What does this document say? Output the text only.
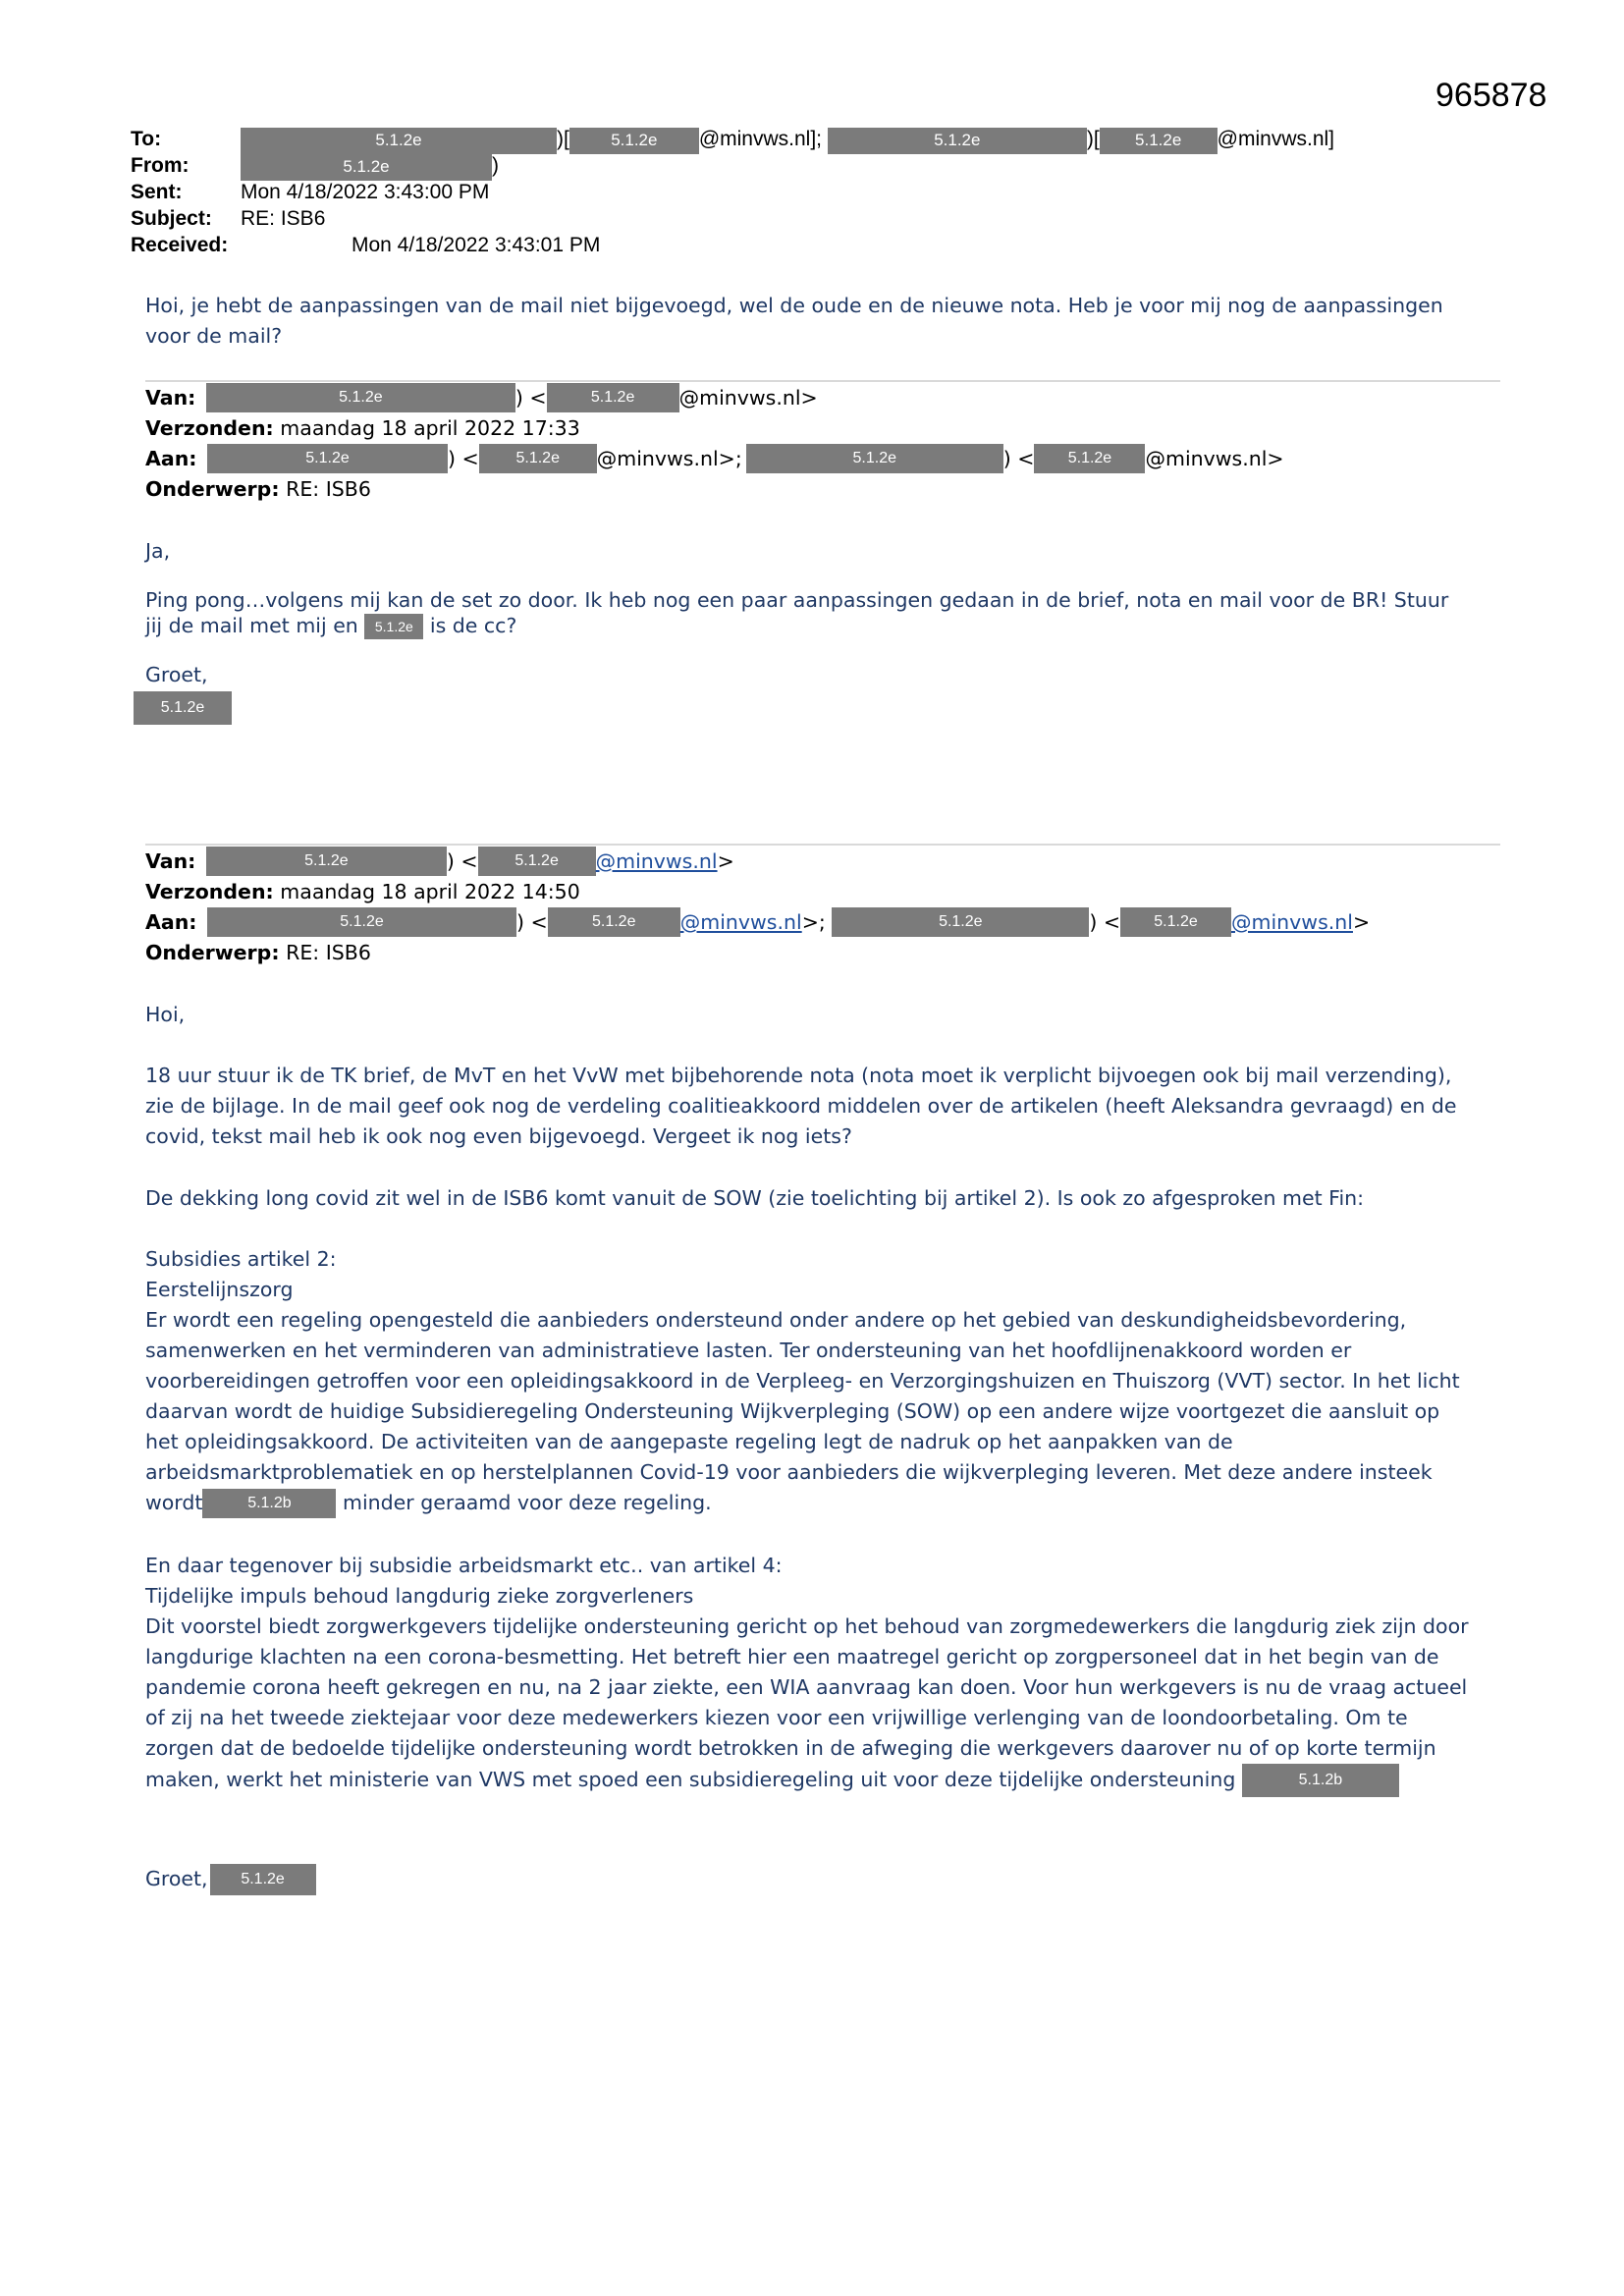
965878
To:	5.1.2e	)[ 5.1.2e @minvws.nl];	5.1.2e	)[ 5.1.2e @minvws.nl]
From:	5.1.2e	)
Sent:	Mon 4/18/2022 3:43:00 PM
Subject: RE: ISB6
Received:	Mon 4/18/2022 3:43:01 PM

Hoi, je hebt de aanpassingen van de mail niet bijgevoegd, wel de oude en de nieuwe nota. Heb je voor mij nog de aanpassingen voor de mail?

Van:	5.1.2e	) <	5.1.2e @minvws.nl>
Verzonden: maandag 18 april 2022 17:33
Aan:	5.1.2e	) < 5.1.2e @minvws.nl>;	5.1.2e	) < 5.1.2e @minvws.nl>
Onderwerp: RE: ISB6

Ja,

Ping pong…volgens mij kan de set zo door. Ik heb nog een paar aanpassingen gedaan in de brief, nota en mail voor de BR! Stuur

jij de mail met mij en 5.1.2e is de cc?

Groet,

5.1.2e
Van:	5.1.2e	) < 5.1.2e @minvws.nl>
Verzonden: maandag 18 april 2022 14:50
Aan:	5.1.2e	) <	5.1.2e @minvws.nl>;	5.1.2e	) < 5.1.2e @minvws.nl>
Onderwerp: RE: ISB6

Hoi,

18 uur stuur ik de TK brief, de MvT en het VvW met bijbehorende nota (nota moet ik verplicht bijvoegen ook bij mail verzending),

zie de bijlage. In de mail geef ook nog de verdeling coalitieakkoord middelen over de artikelen (heeft Aleksandra gevraagd) en de

covid, tekst mail heb ik ook nog even bijgevoegd. Vergeet ik nog iets?

De dekking long covid zit wel in de ISB6 komt vanuit de SOW (zie toelichting bij artikel 2). Is ook zo afgesproken met Fin:

Subsidies artikel 2:

Eerstelijnszorg

Er wordt een regeling opengesteld die aanbieders ondersteund onder andere op het gebied van deskundigheidsbevordering,

samenwerken en het verminderen van administratieve lasten. Ter ondersteuning van het hoofdlijnenakkoord worden er

voorbereidingen getroffen voor een opleidingsakkoord in de Verpleeg- en Verzorgingshuizen en Thuiszorg (VVT) sector. In het licht

daarvan wordt de huidige Subsidieregeling Ondersteuning Wijkverpleging (SOW) op een andere wijze voortgezet die aansluit op

het opleidingsakkoord. De activiteiten van de aangepaste regeling legt de nadruk op het aanpakken van de

arbeidsmarktproblematiek en op herstelplannen Covid-19 voor aanbieders die wijkverpleging leveren. Met deze andere insteek

wordt	5.1.2b	minder geraamd voor deze regeling.

En daar tegenover bij subsidie arbeidsmarkt etc.. van artikel 4:

Tijdelijke impuls behoud langdurig zieke zorgverleners

Dit voorstel biedt zorgwerkgevers tijdelijke ondersteuning gericht op het behoud van zorgmedewerkers die langdurig ziek zijn door

langdurige klachten na een corona-besmetting. Het betreft hier een maatregel gericht op zorgpersoneel dat in het begin van de

pandemie corona heeft gekregen en nu, na 2 jaar ziekte, een WIA aanvraag kan doen. Voor hun werkgevers is nu de vraag actueel

of zij na het tweede ziektejaar voor deze medewerkers kiezen voor een vrijwillige verlenging van de loondoorbetaling. Om te

zorgen dat de bedoelde tijdelijke ondersteuning wordt betrokken in de afweging die werkgevers daarover nu of op korte termijn

maken, werkt het ministerie van VWS met spoed een subsidieregeling uit voor deze tijdelijke ondersteuning	5.1.2b

Groet, 5.1.2e
